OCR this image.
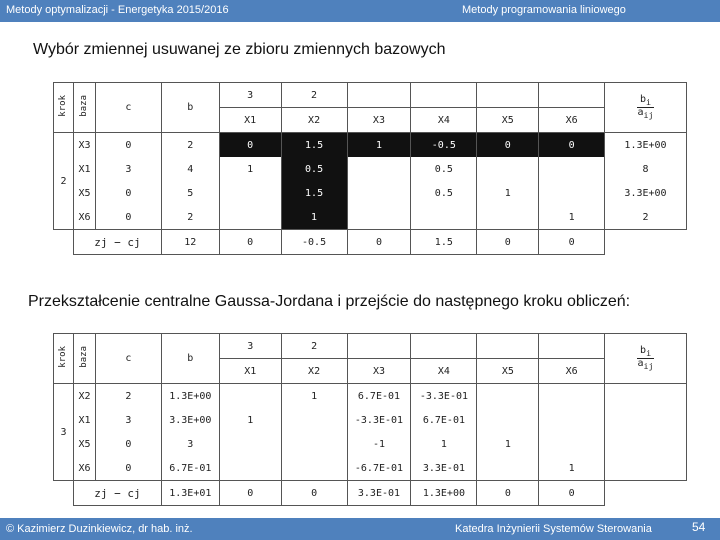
Metody optymalizacji - Energetyka 2015/2016	Metody programowania liniowego
Wybór zmiennej usuwanej ze zbioru zmiennych bazowych
krok	baza	c	b	3	2					$b_i$
$a_{ij}$

				X1	X2	X3	X4	X5	X6	
2	X3	0	2	0	1.5	1	-0.5	0	0	1.3E+00
	X1	3	4	1	0.5		0.5			8
	X5	0	5		1.5		0.5	1		3.3E+00
	X6	0	2		1				1	2
	zj − cj		12	0	-0.5	0	1.5	0	0	
Przekształcenie centralne Gaussa-Jordana i przejście do następnego kroku obliczeń:
krok	baza	c	b	3	2					$b_i$
$a_{ij}$

				X1	X2	X3	X4	X5	X6	
3	X2	2	1.3E+00		1	6.7E-01	-3.3E-01			
	X1	3	3.3E+00	1		-3.3E-01	6.7E-01			
	X5	0	3			-1	1	1		
	X6	0	6.7E-01			-6.7E-01	3.3E-01		1	
	zj − cj		1.3E+01	0	0	3.3E-01	1.3E+00	0	0	
© Kazimierz Duzinkiewicz, dr hab. inż.	Katedra Inżynierii Systemów Sterowania	54
